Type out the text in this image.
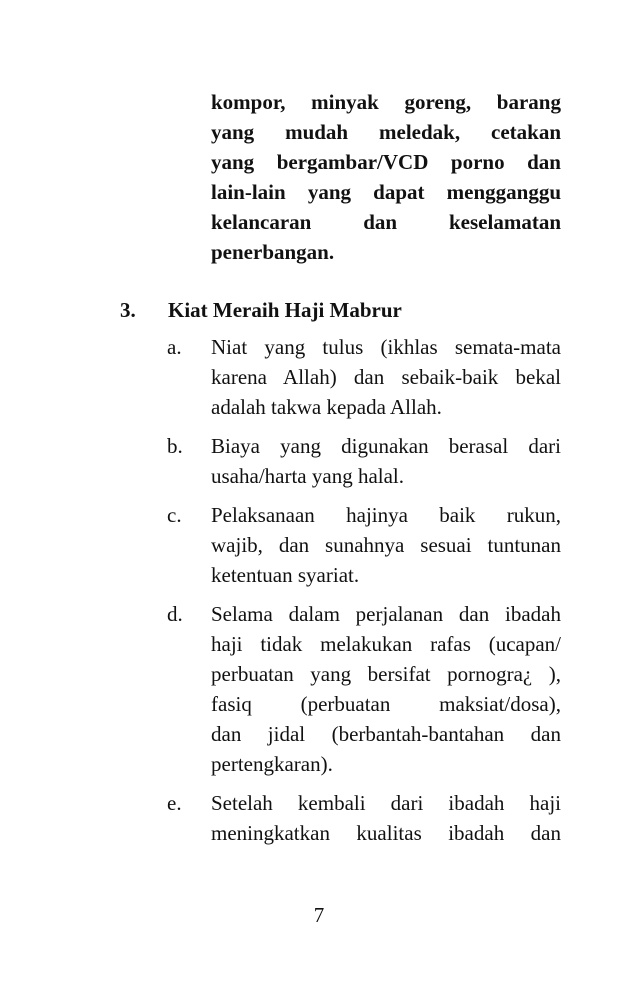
kompor, minyak goreng, barang
yang mudah meledak, cetakan
yang bergambar/VCD porno dan
lain-lain yang dapat mengganggu
kelancaran dan keselamatan
penerbangan.
3. Kiat Meraih Haji Mabrur
a. Niat yang tulus (ikhlas semata-mata
karena Allah) dan sebaik-baik bekal
adalah takwa kepada Allah.
b. Biaya yang digunakan berasal dari
usaha/harta yang halal.
c. Pelaksanaan hajinya baik rukun,
wajib, dan sunahnya sesuai tuntunan
ketentuan syariat.
d. Selama dalam perjalanan dan ibadah
haji tidak melakukan rafas (ucapan/
perbuatan yang bersifat pornogra¿ ),
fasiq (perbuatan maksiat/dosa),
dan jidal (berbantah-bantahan dan
pertengkaran).
e. Setelah kembali dari ibadah haji
meningkatkan kualitas ibadah dan
7
